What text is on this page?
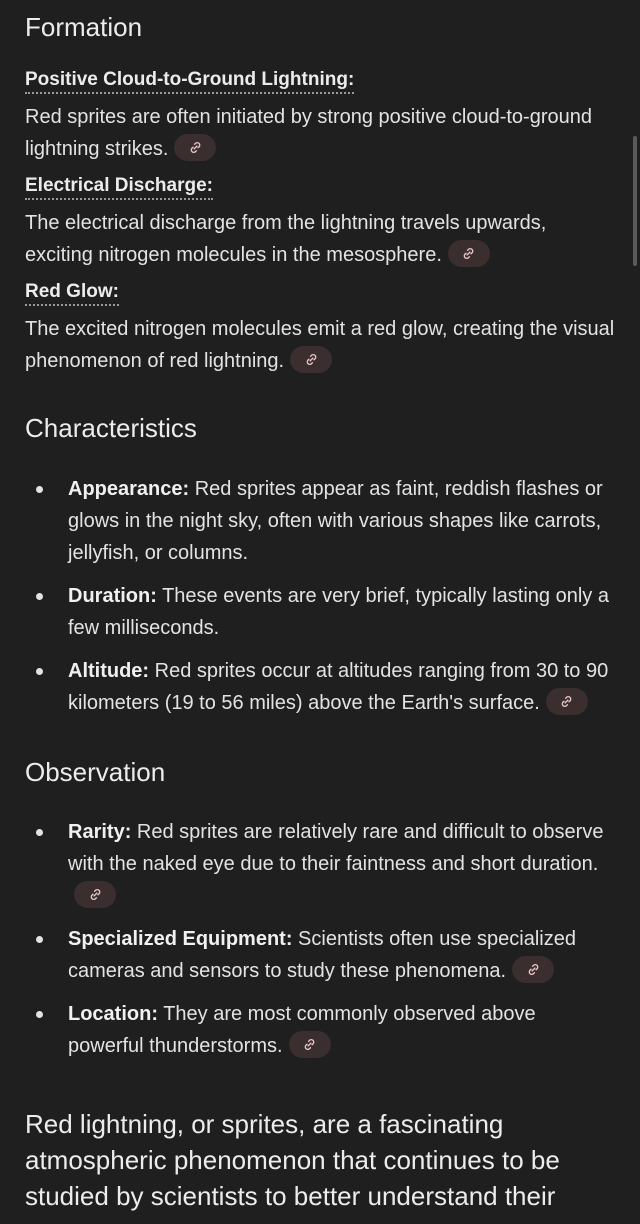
Formation
Positive Cloud-to-Ground Lightning:

Red sprites are often initiated by strong positive cloud-to-ground lightning strikes.

Electrical Discharge:

The electrical discharge from the lightning travels upwards, exciting nitrogen molecules in the mesosphere.

Red Glow:

The excited nitrogen molecules emit a red glow, creating the visual phenomenon of red lightning.

Characteristics
Appearance: Red sprites appear as faint, reddish flashes or glows in the night sky, often with various shapes like carrots, jellyfish, or columns.
Duration: These events are very brief, typically lasting only a few milliseconds.
Altitude: Red sprites occur at altitudes ranging from 30 to 90 kilometers (19 to 56 miles) above the Earth's surface.
Observation
Rarity: Red sprites are relatively rare and difficult to observe with the naked eye due to their faintness and short duration.
Specialized Equipment: Scientists often use specialized cameras and sensors to study these phenomena.
Location: They are most commonly observed above powerful thunderstorms.

Red lightning, or sprites, are a fascinating atmospheric phenomenon that continues to be studied by scientists to better understand their
